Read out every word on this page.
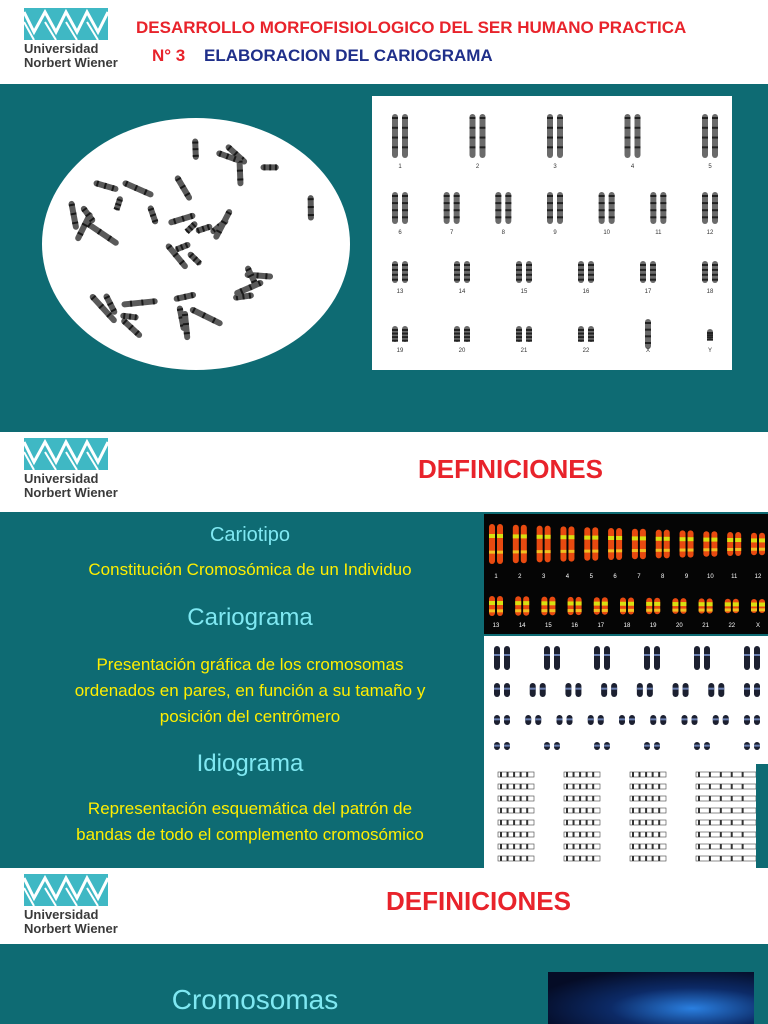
Universidad
Norbert Wiener
DESARROLLO MORFOFISIOLOGICO DEL SER HUMANO PRACTICA
N° 3 ELABORACION DEL CARIOGRAMA
1	2	3	4	5
6	7	8	9	10	11	12
13	14	15	16	17	18
19	20	21	22	X	Y
Universidad
Norbert Wiener
DEFINICIONES
Cariotipo
Constitución Cromosómica de un Individuo
Cariograma
Presentación gráfica de los cromosomas
ordenados en pares, en función a su tamaño y
posición del centrómero
Idiograma
Representación esquemática del patrón de
bandas de todo el complemento cromosómico
1	2	3	4	5	6	7	8	9	10	11	12
13	14	15	16	17	18	19	20	21	22	X
Universidad
Norbert Wiener
DEFINICIONES
Cromosomas
